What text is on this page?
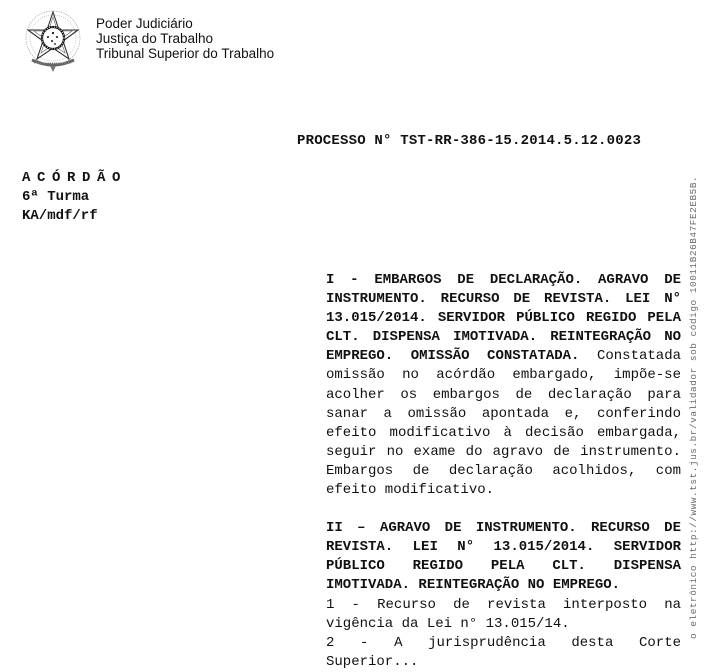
Poder Judiciário
Justiça do Trabalho
Tribunal Superior do Trabalho
PROCESSO N° TST-RR-386-15.2014.5.12.0023
ACÓRDÃO
6ª Turma
KA/mdf/rf

I - EMBARGOS DE DECLARAÇÃO. AGRAVO DE INSTRUMENTO. RECURSO DE REVISTA. LEI N° 13.015/2014. SERVIDOR PÚBLICO REGIDO PELA CLT. DISPENSA IMOTIVADA. REINTEGRAÇÃO NO EMPREGO. OMISSÃO CONSTATADA. Constatada omissão no acórdão embargado, impõe-se acolher os embargos de declaração para sanar a omissão apontada e, conferindo efeito modificativo à decisão embargada, seguir no exame do agravo de instrumento. Embargos de declaração acolhidos, com efeito modificativo.

II – AGRAVO DE INSTRUMENTO. RECURSO DE REVISTA. LEI N° 13.015/2014. SERVIDOR PÚBLICO REGIDO PELA CLT. DISPENSA IMOTIVADA. REINTEGRAÇÃO NO EMPREGO.
1 - Recurso de revista interposto na vigência da Lei n° 13.015/14.
2 - A jurisprudência desta Corte Superior...

o eletrônico http://www.tst.jus.br/validador sob código 10011B26B47FE2EB5B.
